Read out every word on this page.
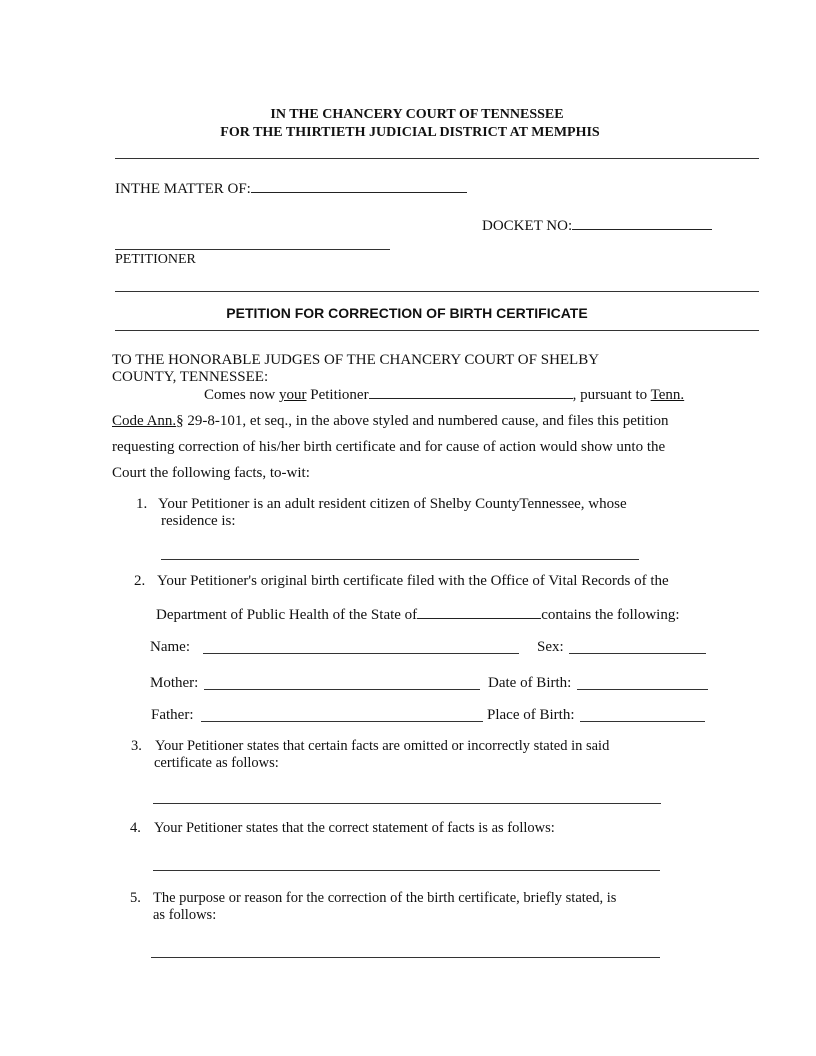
IN THE CHANCERY COURT OF TENNESSEE
FOR THE THIRTIETH JUDICIAL DISTRICT AT MEMPHIS
INTHE MATTER OF:
DOCKET NO:
PETITIONER
PETITION FOR CORRECTION OF BIRTH CERTIFICATE
TO THE HONORABLE JUDGES OF THE CHANCERY COURT OF SHELBY
COUNTY, TENNESSEE:
Comes now your Petitioner	, pursuant to Tenn.
Code Ann.§ 29-8-101, et seq., in the above styled and numbered cause, and files this petition
requesting correction of his/her birth certificate and for cause of action would show unto the
Court the following facts, to-wit:
1. Your Petitioner is an adult resident citizen of Shelby CountyTennessee, whose
residence is:
2. Your Petitioner's original birth certificate filed with the Office of Vital Records of the
Department of Public Health of the State of	contains the following:
Name:	Sex:
Mother:	Date of Birth:
Father:	Place of Birth:
3. Your Petitioner states that certain facts are omitted or incorrectly stated in said
certificate as follows:
4. Your Petitioner states that the correct statement of facts is as follows:
5. The purpose or reason for the correction of the birth certificate, briefly stated, is
as follows:
